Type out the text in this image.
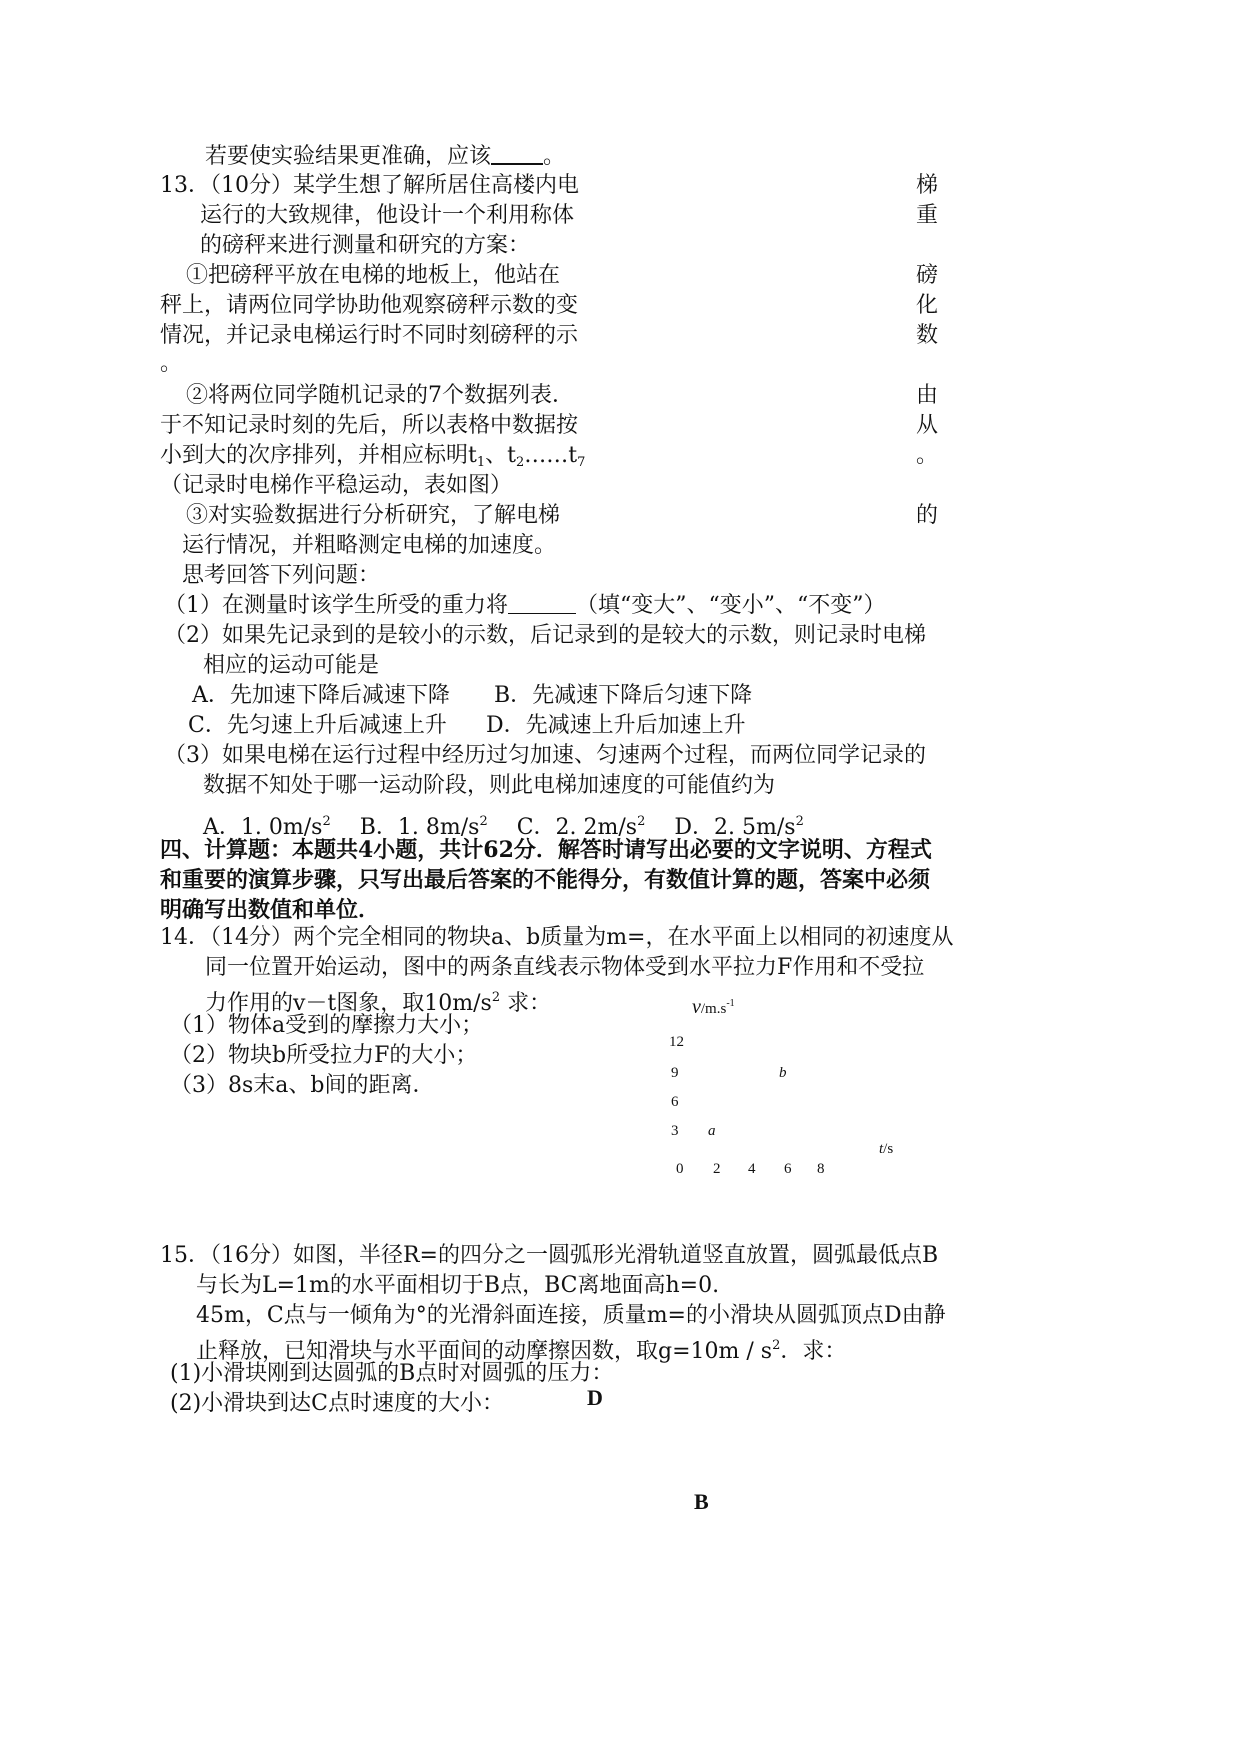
若要使实验结果更准确，应该 。
13．（10分）某学生想了解所居住高楼内电
运行的大致规律，他设计一个利用称体
的磅秤来进行测量和研究的方案：
①把磅秤平放在电梯的地板上，他站在
秤上，请两位同学协助他观察磅秤示数的变
情况，并记录电梯运行时不同时刻磅秤的示
。
②将两位同学随机记录的7个数据列表．
于不知记录时刻的先后，所以表格中数据按
小到大的次序排列，并相应标明$t_1$、$t_2\dots\dots t_7$
（记录时电梯作平稳运动，表如图）
③对实验数据进行分析研究，了解电梯
运行情况，并粗略测定电梯的加速度。
思考回答下列问题：
梯
重
磅
化
数
由
从
。
的
（1）在测量时该学生所受的重力将	（填“变大”、“变小”、“不变”）
（2）如果先记录到的是较小的示数，后记录到的是较大的示数，则记录时电梯
相应的运动可能是
A．先加速下降后减速下降 B．先减速下降后匀速下降
C．先匀速上升后减速上升 D．先减速上升后加速上升
（3）如果电梯在运行过程中经历过匀加速、匀速两个过程，而两位同学记录的
数据不知处于哪一运动阶段，则此电梯加速度的可能值约为
A．1. $0m/s^2$ B．1. $8m/s^2$ C．2. $2m/s^2$ D．2. $5m/s^2$
四、计算题：本题共4小题，共计62分．解答时请写出必要的文字说明、方程式
和重要的演算步骤，只写出最后答案的不能得分，有数值计算的题，答案中必须
明确写出数值和单位．
14．（14分）两个完全相同的物块a、b质量为m=，在水平面上以相同的初速度从
同一位置开始运动，图中的两条直线表示物体受到水平拉力F作用和不受拉
力作用的v－t图象，取$10m/s^2$ 求：
（1）物体a受到的摩擦力大小；
（2）物块b所受拉力F的大小；
（3）8s末a、b间的距离．
$v/m.s^{-1}$
12
9
6
3
b
a
t/s
0 2 4 6 8
15．（16分）如图，半径R=的四分之一圆弧形光滑轨道竖直放置，圆弧最低点B
与长为L=1m的水平面相切于B点，BC离地面高h=0.
45m，C点与一倾角为°的光滑斜面连接，质量m=的小滑块从圆弧顶点D由静
止释放，已知滑块与水平面间的动摩擦因数，取$g=10m / s^2$．求：
(1)小滑块刚到达圆弧的B点时对圆弧的压力：
(2)小滑块到达C点时速度的大小：	D
B
